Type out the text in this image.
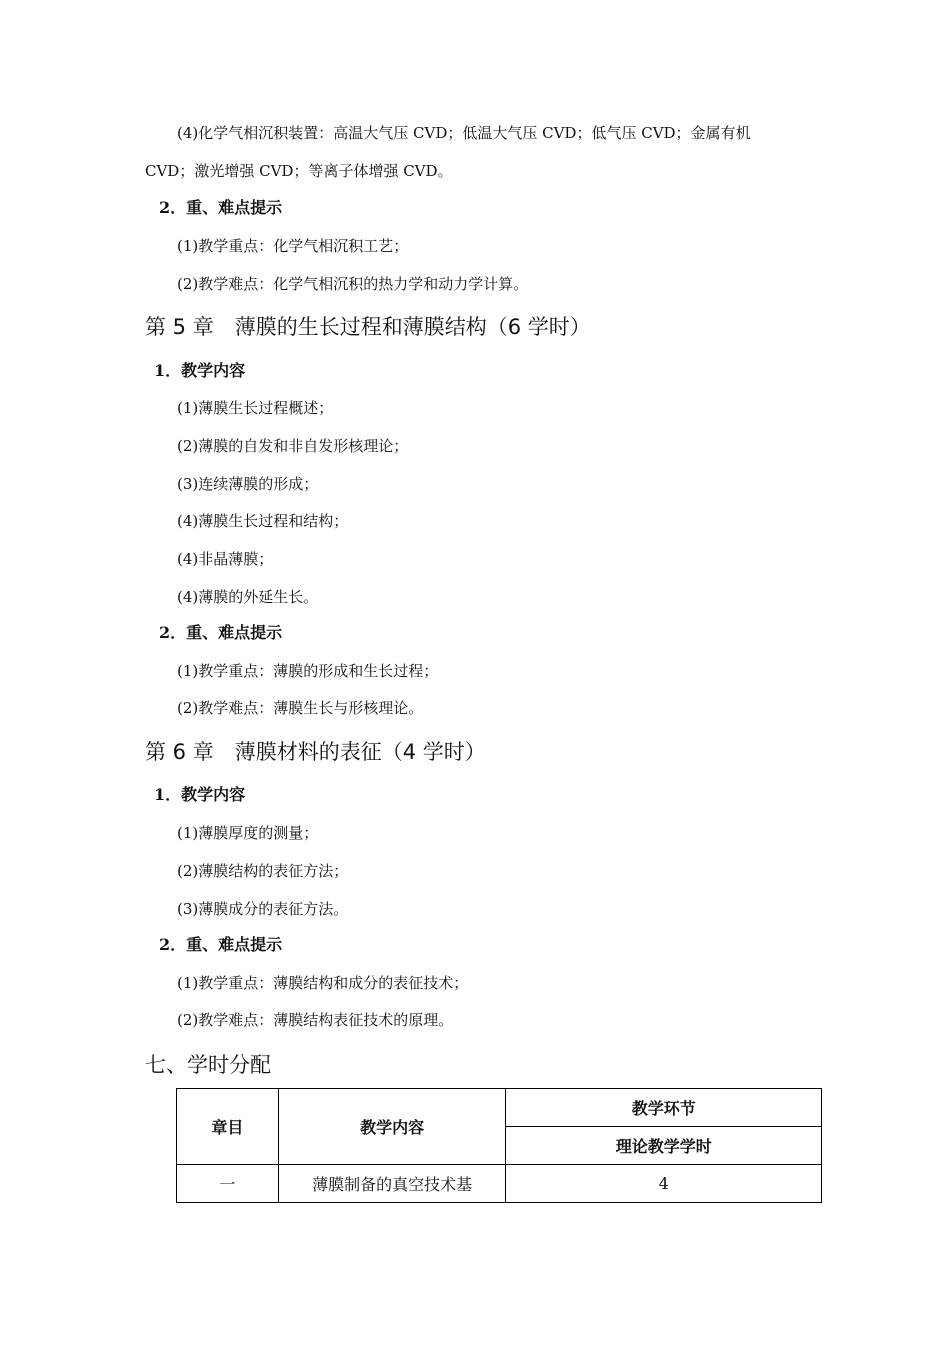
(4)化学气相沉积装置：高温大气压 CVD；低温大气压 CVD；低气压 CVD；金属有机
CVD；激光增强 CVD；等离子体增强 CVD。
2．重、难点提示
(1)教学重点：化学气相沉积工艺；
(2)教学难点：化学气相沉积的热力学和动力学计算。
第 5 章　薄膜的生长过程和薄膜结构（6 学时）
1．教学内容
(1)薄膜生长过程概述；
(2)薄膜的自发和非自发形核理论；
(3)连续薄膜的形成；
(4)薄膜生长过程和结构；
(4)非晶薄膜；
(4)薄膜的外延生长。
2．重、难点提示
(1)教学重点：薄膜的形成和生长过程；
(2)教学难点：薄膜生长与形核理论。
第 6 章　薄膜材料的表征（4 学时）
1．教学内容
(1)薄膜厚度的测量；
(2)薄膜结构的表征方法；
(3)薄膜成分的表征方法。
2．重、难点提示
(1)教学重点：薄膜结构和成分的表征技术；
(2)教学难点：薄膜结构表征技术的原理。
七、学时分配
章目	教学内容	教学环节
		理论教学学时
一	薄膜制备的真空技术基	4
